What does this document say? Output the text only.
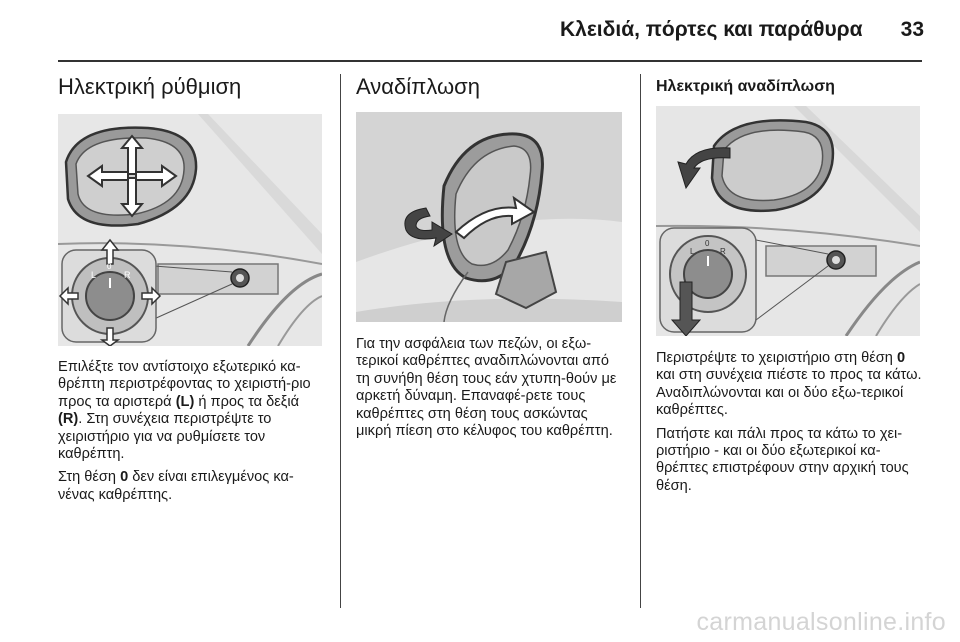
Κλειδιά, πόρτες και παράθυρα	33
Ηλεκτρική ρύθμιση
L
0
R

Επιλέξτε τον αντίστοιχο εξωτερικό κα-θρέπτη περιστρέφοντας το χειριστή-ριο προς τα αριστερά (L) ή προς τα δεξιά (R). Στη συνέχεια περιστρέψτε το χειριστήριο για να ρυθμίσετε τον καθρέπτη.

Στη θέση 0 δεν είναι επιλεγμένος κα-νένας καθρέπτης.

Αναδίπλωση

Για την ασφάλεια των πεζών, οι εξω-τερικοί καθρέπτες αναδιπλώνονται από τη συνήθη θέση τους εάν χτυπη-θούν με αρκετή δύναμη. Επαναφέ-ρετε τους καθρέπτες στη θέση τους ασκώντας μικρή πίεση στο κέλυφος του καθρέπτη.

Ηλεκτρική αναδίπλωση
L
0
R

Περιστρέψτε το χειριστήριο στη θέση 0 και στη συνέχεια πιέστε το προς τα κάτω. Αναδιπλώνονται και οι δύο εξω-τερικοί καθρέπτες.

Πατήστε και πάλι προς τα κάτω το χει-ριστήριο - και οι δύο εξωτερικοί κα-θρέπτες επιστρέφουν στην αρχική τους θέση.

carmanualsonline.info
